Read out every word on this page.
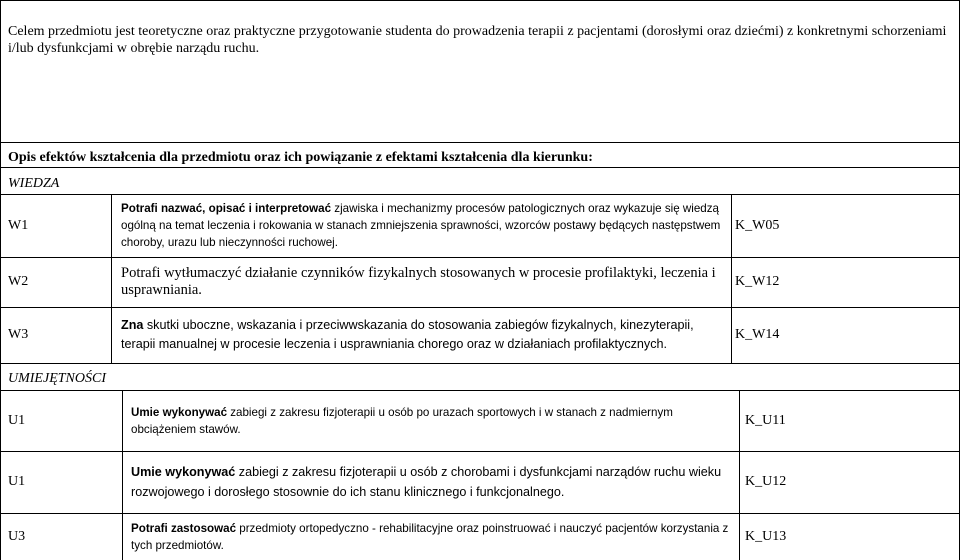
Celem przedmiotu jest teoretyczne oraz praktyczne przygotowanie studenta do prowadzenia terapii z pacjentami (dorosłymi oraz dziećmi) z konkretnymi schorzeniami i/lub dysfunkcjami w obrębie narządu ruchu.
Opis efektów kształcenia dla przedmiotu oraz ich powiązanie z efektami kształcenia dla kierunku:
WIEDZA
W1
Potrafi nazwać, opisać i interpretować zjawiska i mechanizmy procesów patologicznych oraz wykazuje się wiedzą ogólną na temat leczenia i rokowania w stanach zmniejszenia sprawności, wzorców postawy będących następstwem choroby, urazu lub nieczynności ruchowej.
K_W05
W2
Potrafi wytłumaczyć działanie czynników fizykalnych stosowanych w procesie profilaktyki, leczenia i usprawniania.
K_W12
W3
Zna skutki uboczne, wskazania i przeciwwskazania do stosowania zabiegów fizykalnych, kinezyterapii, terapii manualnej w procesie leczenia i usprawniania chorego oraz w działaniach profilaktycznych.
K_W14
UMIEJĘTNOŚCI
U1
Umie wykonywać zabiegi z zakresu fizjoterapii u osób po urazach sportowych i w stanach z nadmiernym obciążeniem stawów.
K_U11
U1
Umie wykonywać zabiegi z zakresu fizjoterapii u osób z chorobami i dysfunkcjami narządów ruchu wieku rozwojowego i dorosłego stosownie do ich stanu klinicznego i funkcjonalnego.
K_U12
U3
Potrafi zastosować przedmioty ortopedyczno - rehabilitacyjne oraz poinstruować i nauczyć pacjentów korzystania z tych przedmiotów.
K_U13
